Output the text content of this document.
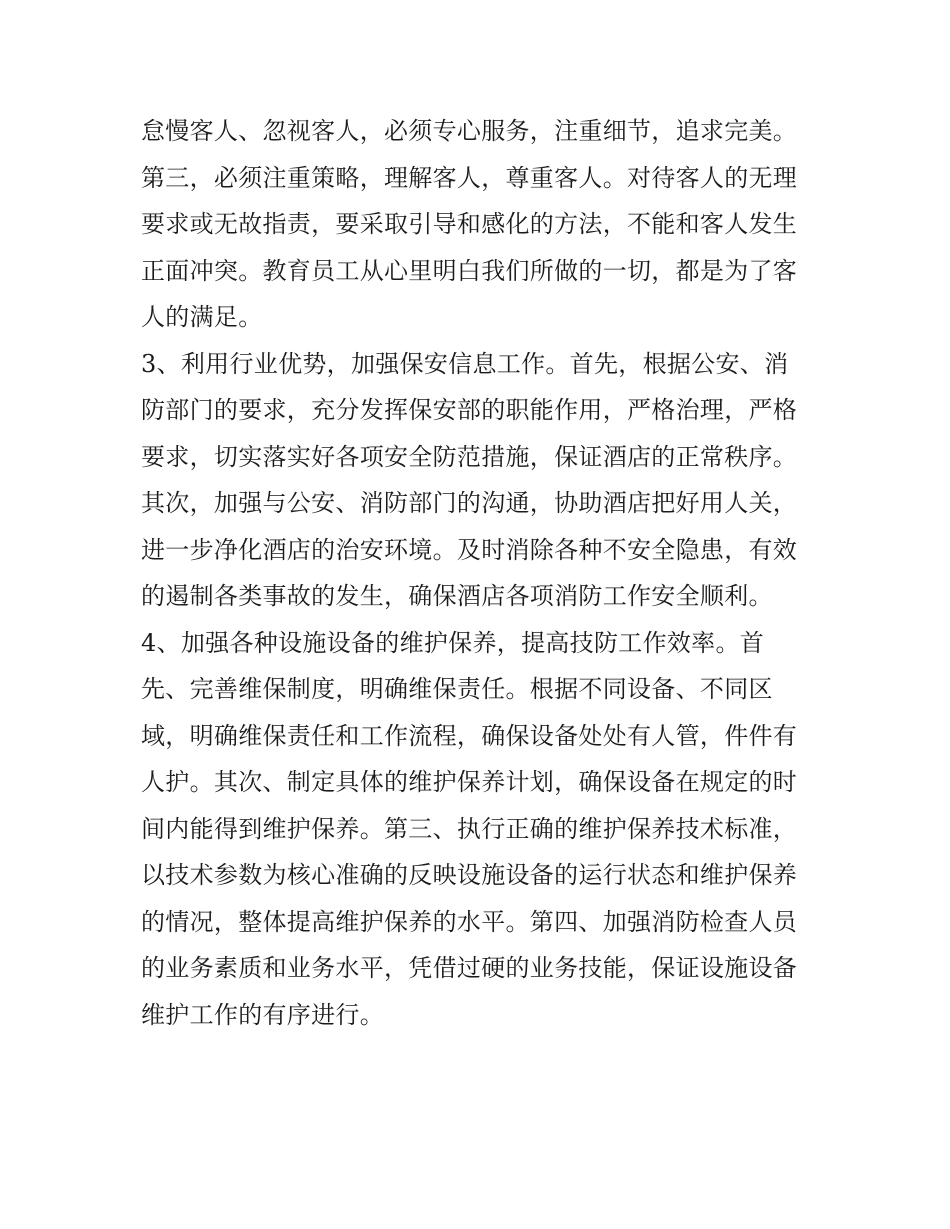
怠慢客人、忽视客人，必须专心服务，注重细节，追求完美。
第三，必须注重策略，理解客人，尊重客人。对待客人的无理
要求或无故指责，要采取引导和感化的方法，不能和客人发生
正面冲突。教育员工从心里明白我们所做的一切，都是为了客
人的满足。
3、利用行业优势，加强保安信息工作。首先，根据公安、消
防部门的要求，充分发挥保安部的职能作用，严格治理，严格
要求，切实落实好各项安全防范措施，保证酒店的正常秩序。
其次，加强与公安、消防部门的沟通，协助酒店把好用人关，
进一步净化酒店的治安环境。及时消除各种不安全隐患，有效
的遏制各类事故的发生，确保酒店各项消防工作安全顺利。
4、加强各种设施设备的维护保养，提高技防工作效率。首
先、完善维保制度，明确维保责任。根据不同设备、不同区
域，明确维保责任和工作流程，确保设备处处有人管，件件有
人护。其次、制定具体的维护保养计划，确保设备在规定的时
间内能得到维护保养。第三、执行正确的维护保养技术标准，
以技术参数为核心准确的反映设施设备的运行状态和维护保养
的情况，整体提高维护保养的水平。第四、加强消防检查人员
的业务素质和业务水平，凭借过硬的业务技能，保证设施设备
维护工作的有序进行。
